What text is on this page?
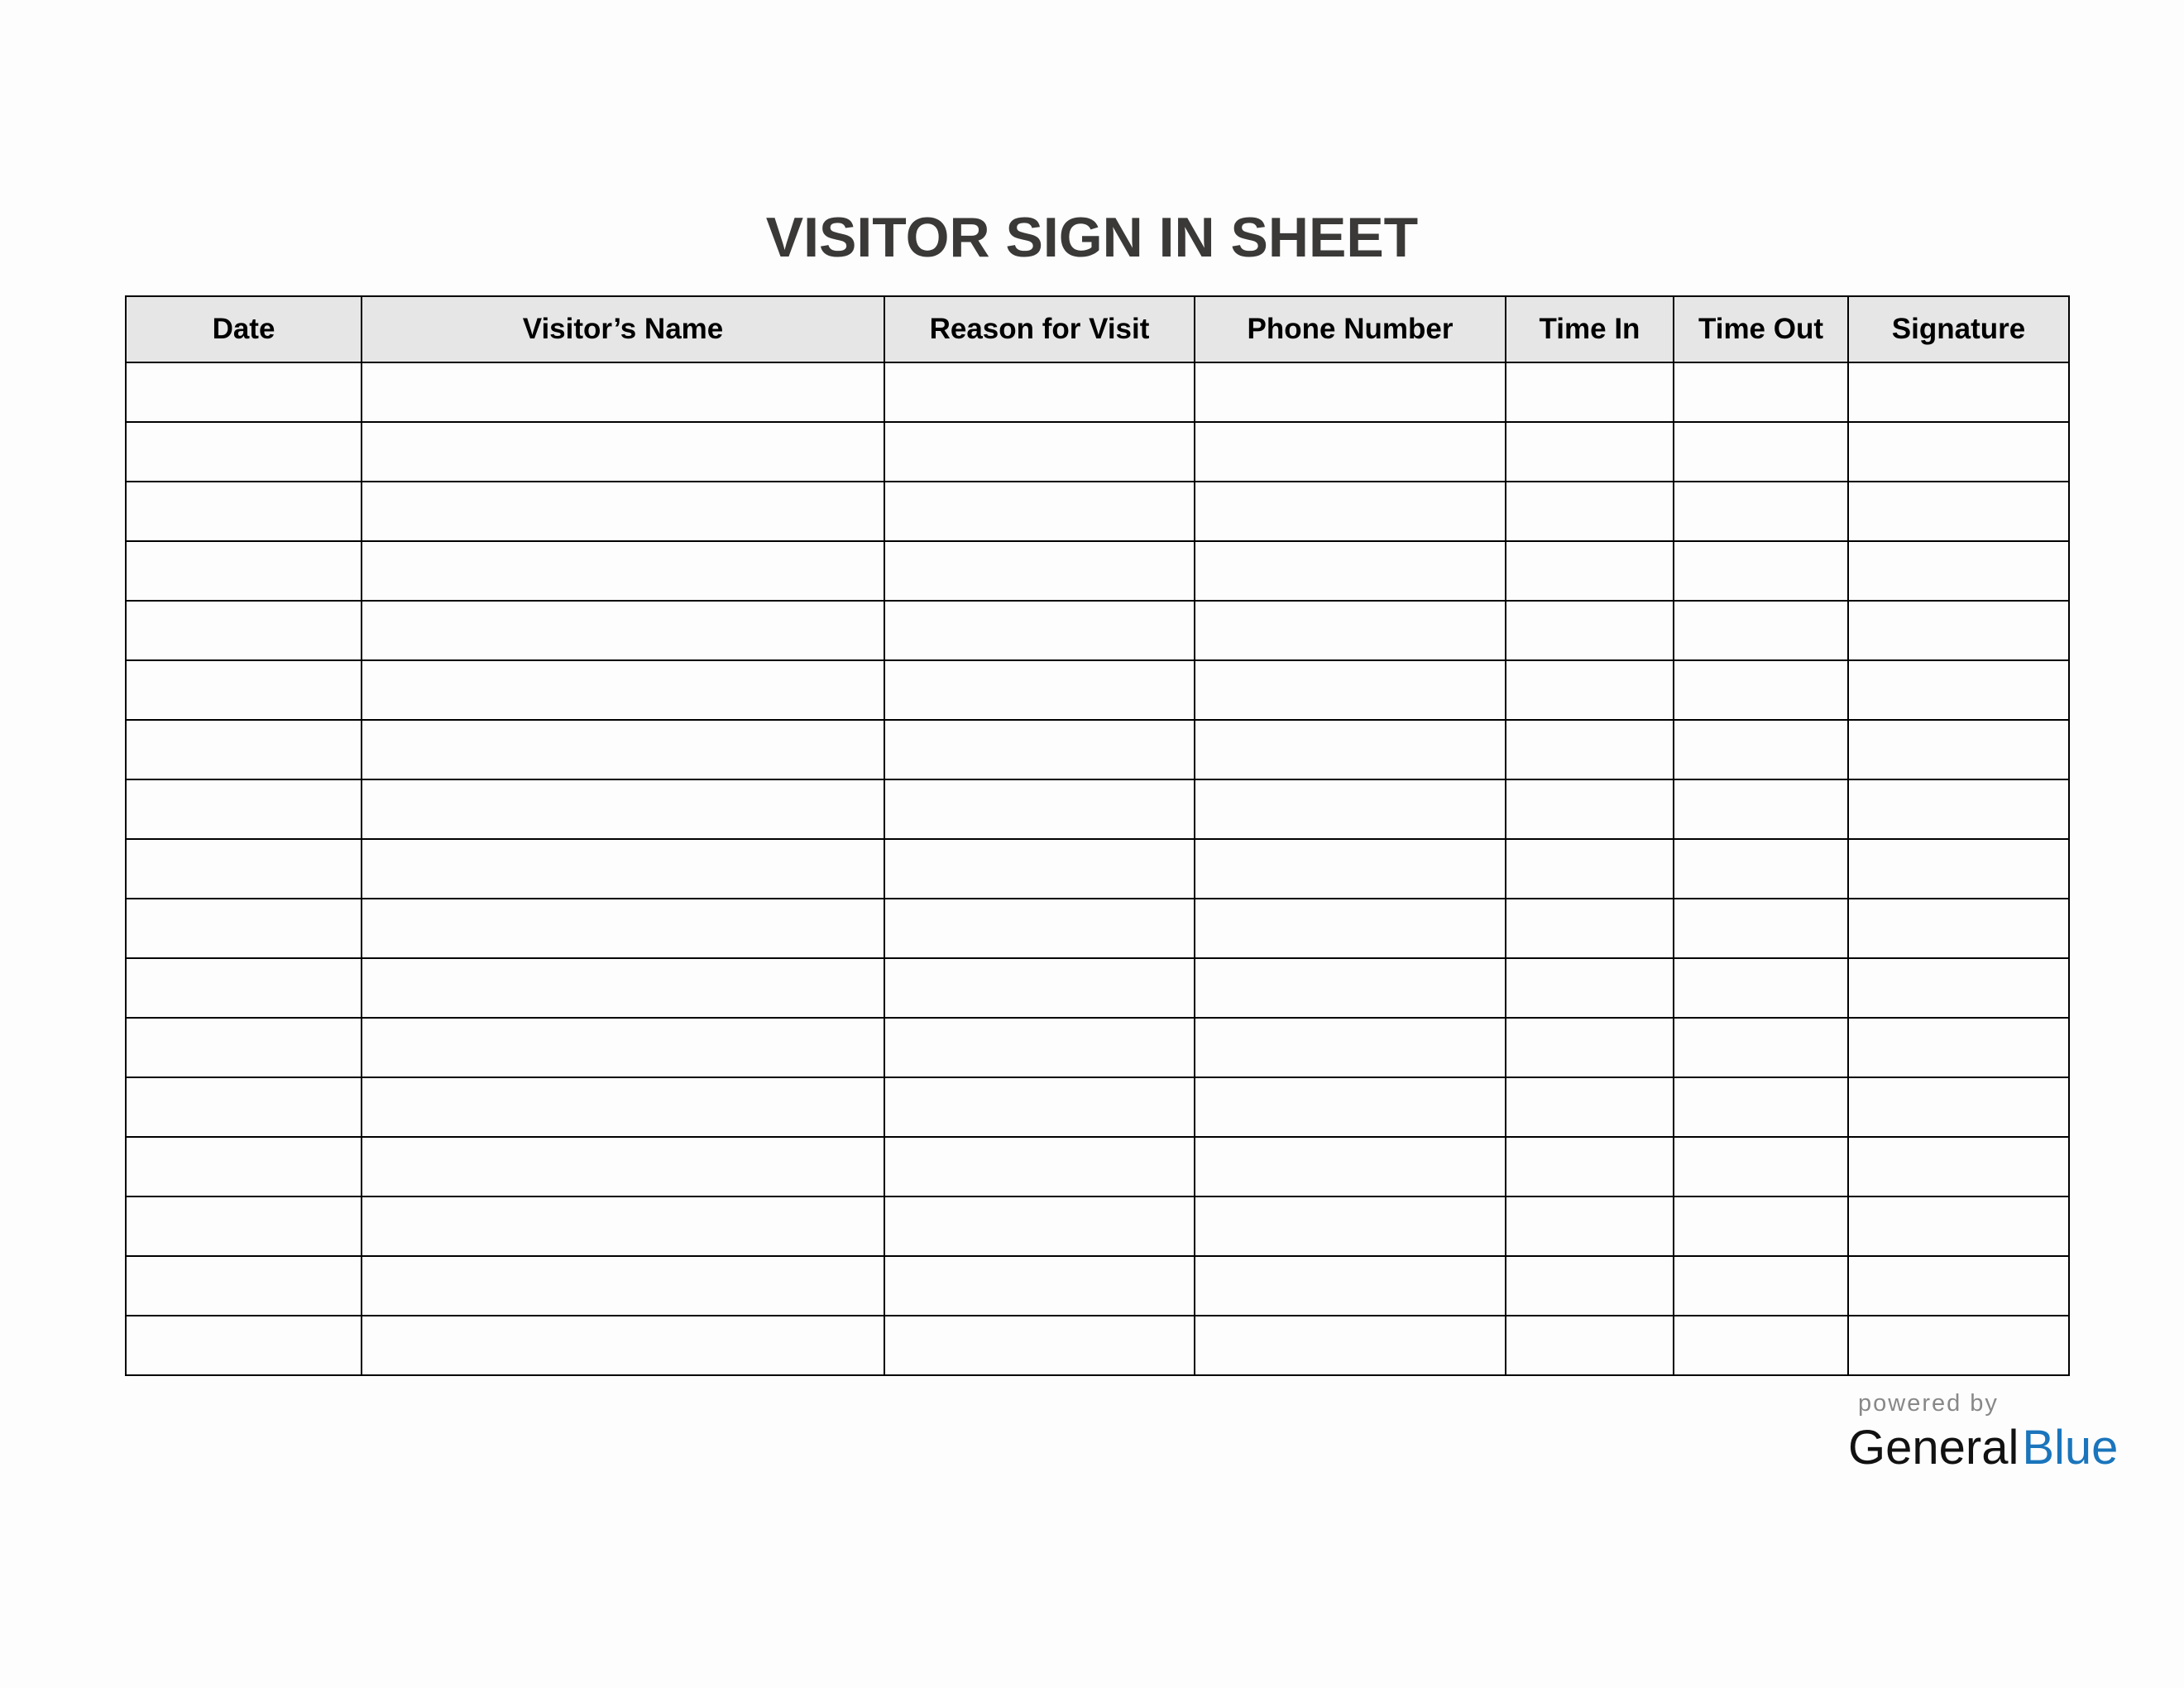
VISITOR SIGN IN SHEET
Date	Visitor’s Name	Reason for Visit	Phone Number	Time In	Time Out	Signature

powered by
GeneralBlue
